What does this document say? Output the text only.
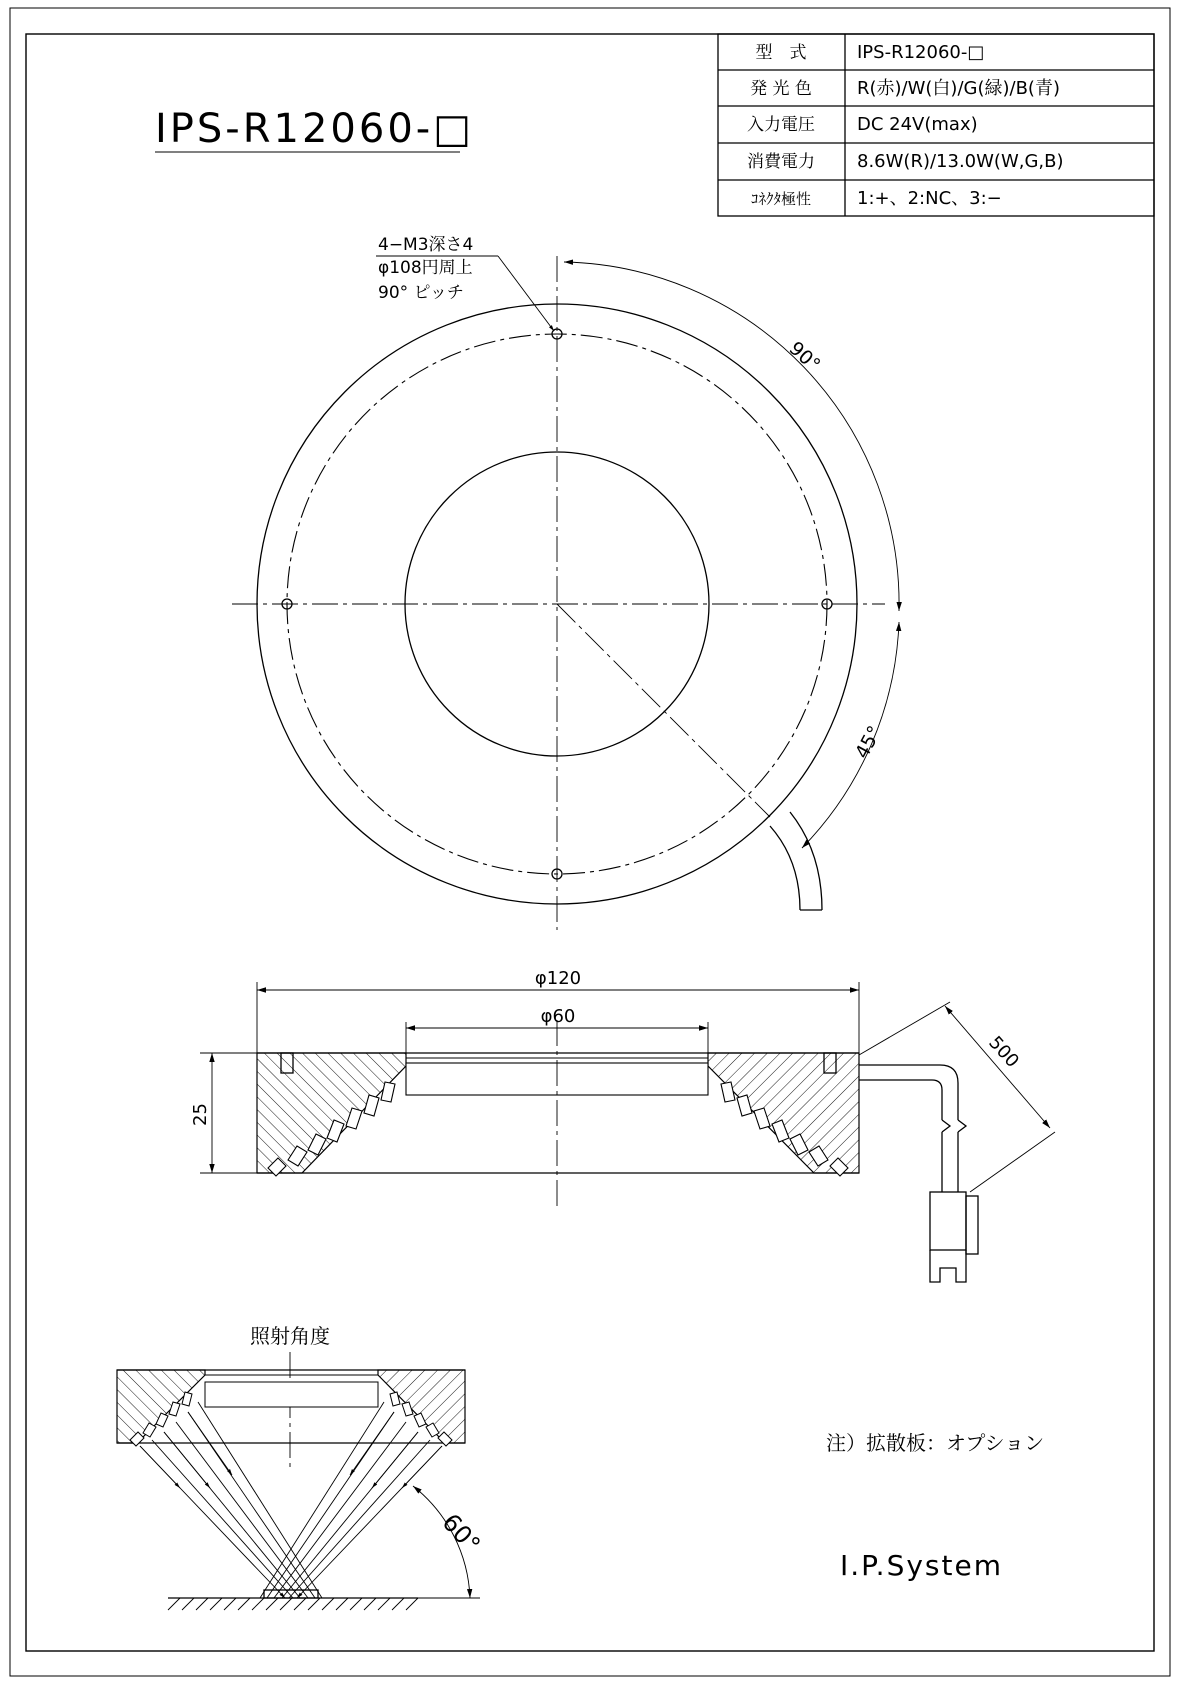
IPS-R12060-□
型　式	IPS-R12060-□
発 光 色	R(赤)/W(白)/G(緑)/B(青)
入力電圧 DC 24V(max)
消費電力 8.6W(R)/13.0W(W,G,B)
ｺﾈｸﾀ極性	1:+、2:NC、3:−
4−M3深さ4
φ108円周上
90° ピッチ
90°
45°
φ120
φ60
25
500
照射角度
60°
注）拡散板：オプション
I.P.System
